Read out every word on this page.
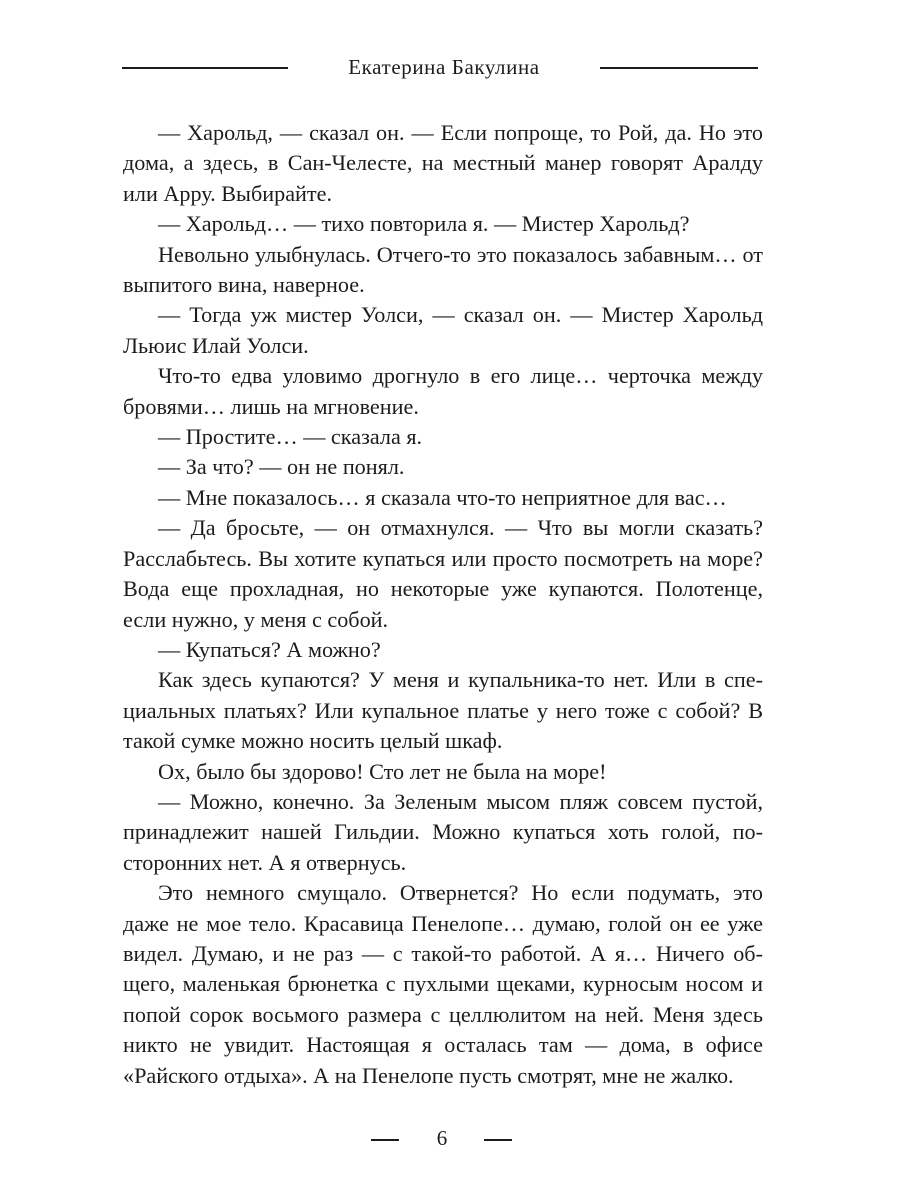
Екатерина Бакулина

— Харольд, — сказал он. — Если попроще, то Рой, да. Но это дома, а здесь, в Сан-Челесте, на местный манер говорят Аралду или Арру. Выбирайте.

— Харольд… — тихо повторила я. — Мистер Харольд?

Невольно улыбнулась. Отчего-то это показалось забавным… от выпитого вина, наверное.

— Тогда уж мистер Уолси, — сказал он. — Мистер Харольд Льюис Илай Уолси.

Что-то едва уловимо дрогнуло в его лице… черточка между бровями… лишь на мгновение.

— Простите… — сказала я.

— За что? — он не понял.

— Мне показалось… я сказала что-то неприятное для вас…

— Да бросьте, — он отмахнулся. — Что вы могли сказать? Расслабьтесь. Вы хотите купаться или просто посмотреть на море? Вода еще прохладная, но некоторые уже купаются. Полотенце, если нужно, у меня с собой.

— Купаться? А можно?

Как здесь купаются? У меня и купальника-то нет. Или в специальных платьях? Или купальное платье у него тоже с собой? В такой сумке можно носить целый шкаф.

Ох, было бы здорово! Сто лет не была на море!

— Можно, конечно. За Зеленым мысом пляж совсем пустой, принадлежит нашей Гильдии. Можно купаться хоть голой, посторонних нет. А я отвернусь.

Это немного смущало. Отвернется? Но если подумать, это даже не мое тело. Красавица Пенелопе… думаю, голой он ее уже видел. Думаю, и не раз — с такой-то работой. А я… Ничего общего, маленькая брюнетка с пухлыми щеками, курносым носом и попой сорок восьмого размера с целлюлитом на ней. Меня здесь никто не увидит. Настоящая я осталась там — дома, в офисе «Райского отдыха». А на Пенелопе пусть смотрят, мне не жалко.

6
